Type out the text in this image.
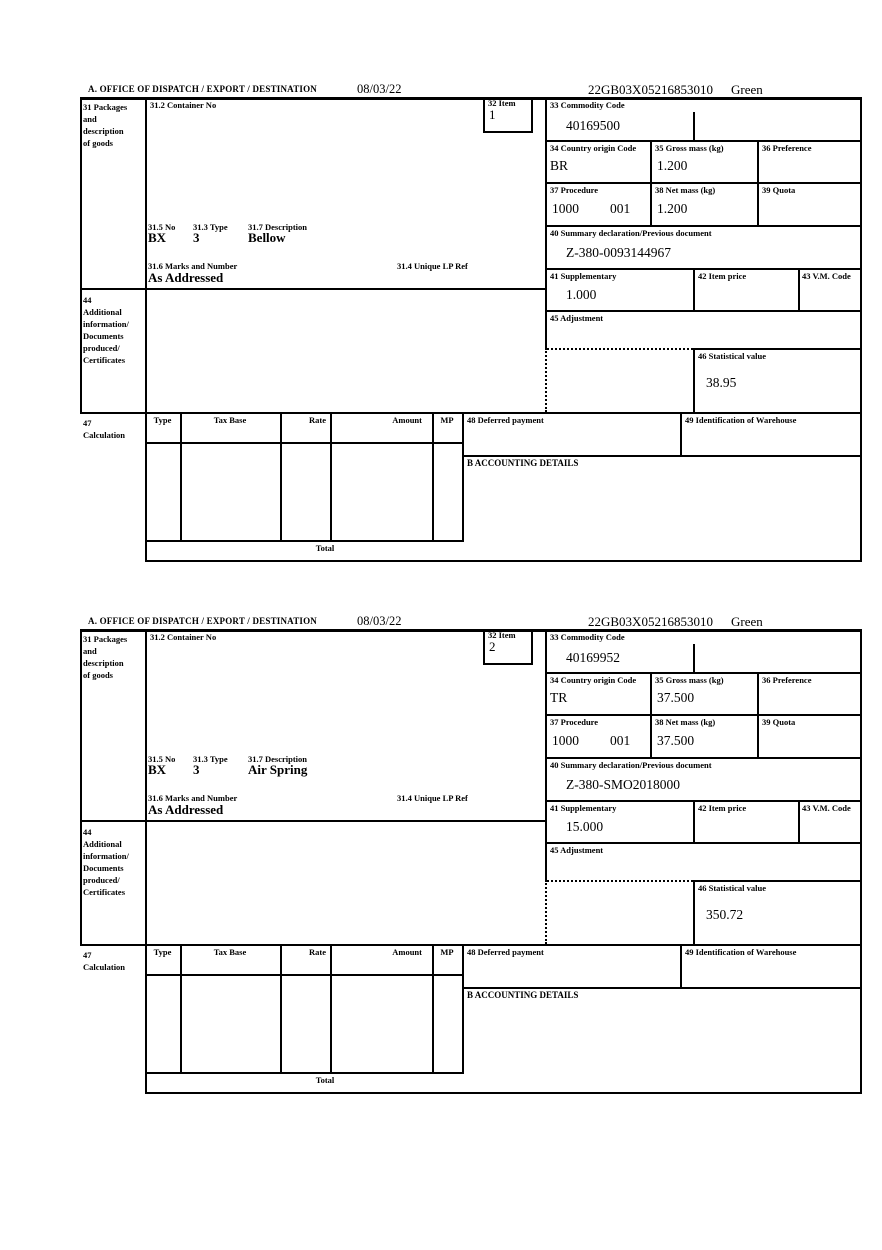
A. OFFICE OF DISPATCH / EXPORT / DESTINATION	08/03/22	22GB03X05216853010 Green
32 Item
1
31 Packages
and
description
of goods
44
Additional
information/
Documents
produced/
Certificates
47
Calculation
31.2 Container No
31.5 No 31.3 Type 31.7 Description
BX 3	Bellow
31.6 Marks and Number	31.4 Unique LP Ref
As Addressed
33 Commodity Code
40169500
34 Country origin Code
BR
35 Gross mass (kg)
1.200
36 Preference
37 Procedure
1000 001
38 Net mass (kg)
1.200
39 Quota
40 Summary declaration/Previous document
Z-380-0093144967
41 Supplementary
1.000
42 Item price	43 V.M. Code
45 Adjustment
46 Statistical value
38.95
Type	Tax Base	Rate	Amount	MP	48 Deferred payment	49 Identification of Warehouse
B ACCOUNTING DETAILS
Total
A. OFFICE OF DISPATCH / EXPORT / DESTINATION	08/03/22	22GB03X05216853010 Green
32 Item
2
31 Packages
and
description
of goods
44
Additional
information/
Documents
produced/
Certificates
47
Calculation
31.2 Container No
31.5 No 31.3 Type 31.7 Description
BX 3	Air Spring
31.6 Marks and Number	31.4 Unique LP Ref
As Addressed
33 Commodity Code
40169952
34 Country origin Code
TR
35 Gross mass (kg)
37.500
36 Preference
37 Procedure
1000 001
38 Net mass (kg)
37.500
39 Quota
40 Summary declaration/Previous document
Z-380-SMO2018000
41 Supplementary
15.000
42 Item price	43 V.M. Code
45 Adjustment
46 Statistical value
350.72
Type	Tax Base	Rate	Amount	MP	48 Deferred payment	49 Identification of Warehouse
B ACCOUNTING DETAILS
Total
